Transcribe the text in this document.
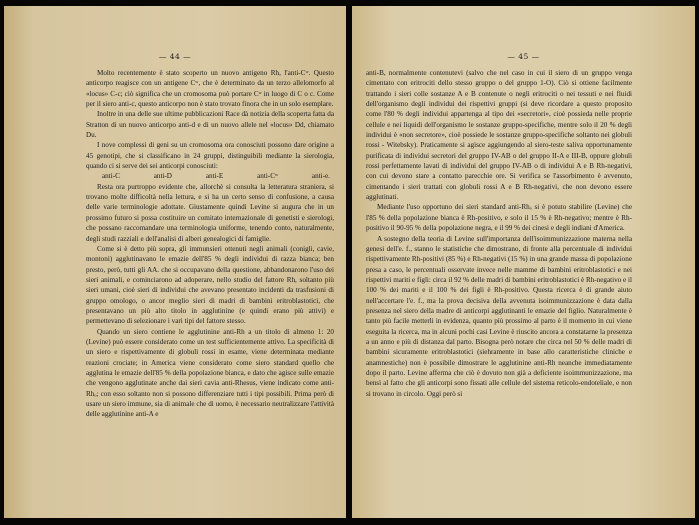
— 44 —

Molto recentemente è stato scoperto un nuovo antigeno Rh, l'anti-Cʷ. Questo anticorpo reagisce con un antigene Cʷ, che è determinato da un terzo allelomorfo al «locus» C-c; ciò significa che un cromosoma può portare Cʷ in luogo di C o c. Come per il siero anti-c, questo anticorpo non è stato trovato finora che in un solo esemplare.

Inoltre in una delle sue ultime pubblicazioni Race dà notizia della scoperta fatta da Stratton di un nuovo anticorpo anti-d e di un nuovo allele nel «locus» Dd, chiamato Du.

I nove complessi di geni su un cromosoma ora conosciuti possono dare origine a 45 genotipi, che si classificano in 24 gruppi, distinguibili mediante la sierologia, quando ci si serve dei sei anticorpi conosciuti:

anti-C	anti-D	anti-E	anti-Cʷ	anti-e.

Resta ora purtroppo evidente che, allorchè si consulta la letteratura straniera, si trovano molte difficoltà nella lettura, e si ha un certo senso di confusione, a causa delle varie terminologie adottate. Giustamente quindi Levine si augura che in un prossimo futuro si possa costituire un comitato internazionale di genetisti e sierologi, che possano raccomandare una terminologia uniforme, tenendo conto, naturalmente, degli studi razziali e dell'analisi di alberi genealogici di famiglie.

Come si è detto più sopra, gli immunsieri ottenuti negli animali (conigli, cavie, montoni) agglutinavano le emazie dell'85 % degli individui di razza bianca; ben presto, però, tutti gli AA. che si occupavano della questione, abbandonarono l'uso dei sieri animali, e cominciarono ad adoperare, nello studio del fattore Rh, soltanto più sieri umani, cioè sieri di individui che avevano presentato incidenti da trasfusioni di gruppo omologo, o ancor meglio sieri di madri di bambini eritroblastotici, che presentavano un più alto titolo in agglutinine (e quindi erano più attivi) e permettevano di selezionare i vari tipi del fattore stesso.

Quando un siero contiene le agglutinine anti-Rh a un titolo di almeno 1: 20 (Levine) può essere considerato come un test sufficientemente attivo. La specificità di un siero e rispettivamente di globuli rossi in esame, viene determinata mediante reazioni crociate; in America viene considerato come siero standard quello che agglutina le emazie dell'85 % della popolazione bianca, e dato che agisce sulle emazie che vengono agglutinate anche dai sieri cavia anti-Rhesus, viene indicato come anti-Rhₒ; con esso soltanto non si possono differenziare tutti i tipi possibili. Prima però di usare un siero immune, sia di animale che di uomo, è necessario neutralizzare l'attività delle agglutinine anti-A e

— 45 —

anti-B, normalmente contenutevi (salvo che nel caso in cui il siero di un gruppo venga cimentato con eritrociti dello stesso gruppo o del gruppo 1-O). Ciò si ottiene facilmente trattando i sieri colle sostanze A e B contenute o negli eritrociti o nei tessuti e nei fluidi dell'organismo degli individui dei rispettivi gruppi (si deve ricordare a questo proposito come l'80 % degli individui appartenga al tipo dei «secretori», cioè possieda nelle proprie cellule e nei liquidi dell'organismo le sostanze gruppo-specifiche, mentre solo il 20 % degli individui è «non secretore», cioè possiede le sostanze gruppo-specifiche soltanto nei globuli rossi - Witebsky). Praticamente si agisce aggiungendo al siero-teste saliva opportunamente purificata di individui secretori del gruppo IV-AB o del gruppo II-A e III-B, oppure globuli rossi perfettamente lavati di individui del gruppo IV-AB o di individui A e B Rh-negativi, con cui devono stare a contatto parecchie ore. Si verifica se l'assorbimento è avvenuto, cimentando i sieri trattati con globuli rossi A e B Rh-negativi, che non devono essere agglutinati.

Mediante l'uso opportuno dei sieri standard anti-Rhₒ si è potuto stabilire (Levine) che l'85 % della popolazione bianca è Rh-positivo, e solo il 15 % è Rh-negativo; mentre è Rh-positivo il 90-95 % della popolazione negra, e il 99 % dei cinesi e degli indiani d'America.

A sostegno della teoria di Levine sull'importanza dell'isoimmunizzazione materna nella genesi dell'e. f., stanno le statistiche che dimostrano, di fronte alla percentuale di individui rispettivamente Rh-positivi (85 %) e Rh-negativi (15 %) in una grande massa di popolazione presa a caso, le percentuali osservate invece nelle mamme di bambini eritroblastotici e nei rispettivi mariti e figli: circa il 92 % delle madri di bambini eritroblastotici è Rh-negativo e il 100 % dei mariti e il 100 % dei figli è Rh-positivo. Questa ricerca è di grande aiuto nell'accertare l'e. f., ma la prova decisiva della avvenuta isoimmunizzazione è data dalla presenza nel siero della madre di anticorpi agglutinanti le emazie del figlio. Naturalmente è tanto più facile metterli in evidenza, quanto più prossimo al parto è il momento in cui viene eseguita la ricerca, ma in alcuni pochi casi Levine è riuscito ancora a constatarne la presenza a un anno e più di distanza dal parto. Bisogna però notare che circa nel 50 % delle madri di bambini sicuramente eritroblastotici (siehramente in base allo caratteristiche cliniche e anamnestiche) non è possibile dimostrare le agglutinine anti-Rh neanche immediatamente dopo il parto. Levine afferma che ciò è dovuto non già a deficiente isoimmunizzazione, ma bensì al fatto che gli anticorpi sono fissati alle cellule del sistema reticolo-endoteliale, e non si trovano in circolo. Oggi però si
